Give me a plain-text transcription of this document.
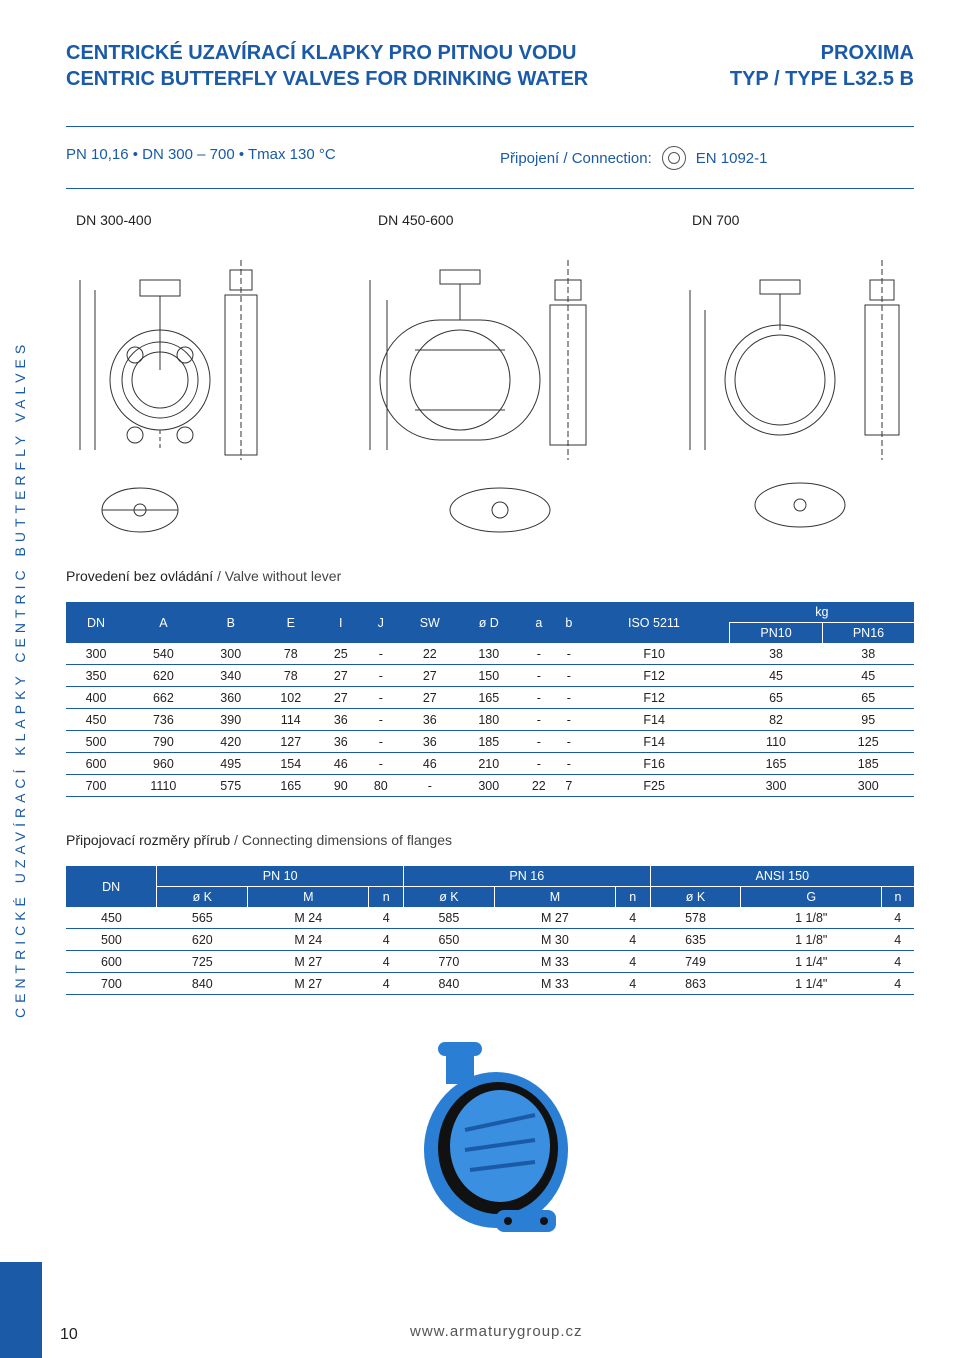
CENTRICKÉ UZAVÍRACÍ KLAPKY PRO PITNOU VODU
CENTRIC BUTTERFLY VALVES FOR DRINKING WATER
PROXIMA
TYP / TYPE L32.5 B
PN 10,16 • DN 300 – 700 • Tmax 130 °C	Připojení / Connection:	EN 1092-1
DN 300-400	DN 450-600	DN 700
CENTRICKÉ UZAVÍRACÍ KLAPKY CENTRIC BUTTERFLY VALVES	Provedení bez ovládání / Valve without lever
DN	A	B	E	I	J	SW	ø D	a	b	ISO 5211	kg	
											PN10	PN16
300	540	300	78	25	-	22	130	-	-	F10	38	38
350	620	340	78	27	-	27	150	-	-	F12	45	45
400	662	360	102	27	-	27	165	-	-	F12	65	65
450	736	390	114	36	-	36	180	-	-	F14	82	95
500	790	420	127	36	-	36	185	-	-	F14	110	125
600	960	495	154	46	-	46	210	-	-	F16	165	185
700	1110	575	165	90	80	-	300	22	7	F25	300	300
Připojovací rozměry přírub / Connecting dimensions of flanges
DN	PN 10			PN 16			ANSI 150		
	ø K	M	n	ø K	M	n	ø K	G	n
450	565	M 24	4	585	M 27	4	578	1 1/8"	4
500	620	M 24	4	650	M 30	4	635	1 1/8"	4
600	725	M 27	4	770	M 33	4	749	1 1/4"	4
700	840	M 27	4	840	M 33	4	863	1 1/4"	4
10	www.armaturygroup.cz
